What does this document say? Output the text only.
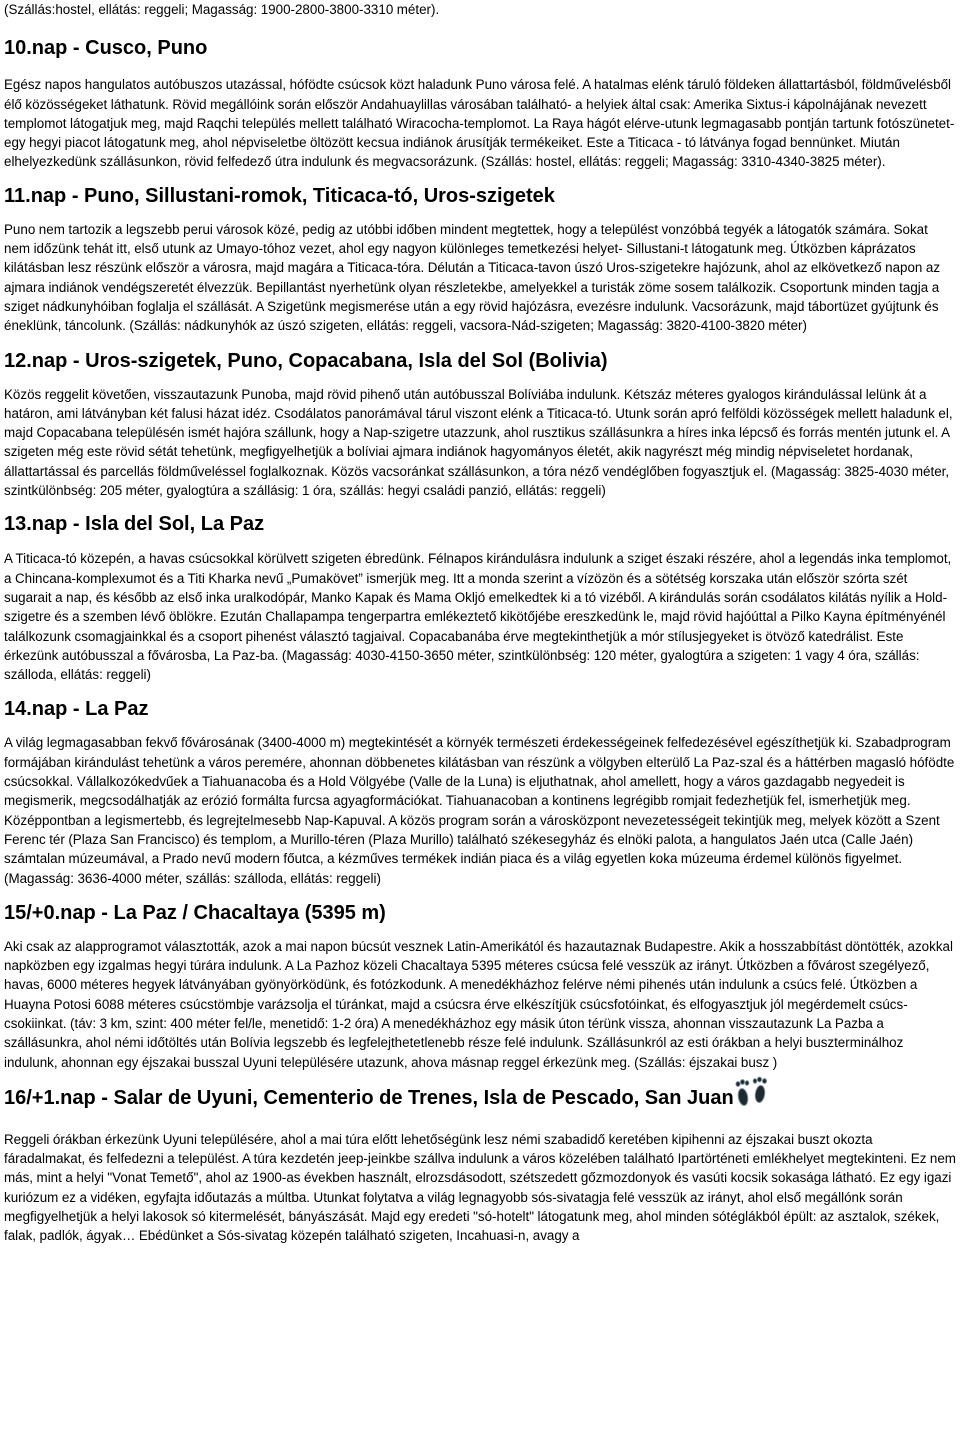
(Szállás:hostel, ellátás: reggeli; Magasság: 1900-2800-3800-3310 méter).

10.nap - Cusco, Puno

Egész napos hangulatos autóbuszos utazással, hófödte csúcsok közt haladunk Puno városa felé. A hatalmas elénk táruló földeken állattartásból, földművelésből élő közösségeket láthatunk. Rövid megállóink során először Andahuaylillas városában található- a helyiek által csak: Amerika Sixtus-i kápolnájának nevezett templomot látogatjuk meg, majd Raqchi település mellett található Wiracocha-templomot. La Raya hágót elérve-utunk legmagasabb pontján tartunk fotószünetet- egy hegyi piacot látogatunk meg, ahol népviseletbe öltözött kecsua indiánok árusítják termékeiket. Este a Titicaca - tó látványa fogad bennünket. Miután elhelyezkedünk szállásunkon, rövid felfedező útra indulunk és megvacsorázunk. (Szállás: hostel, ellátás: reggeli; Magasság: 3310-4340-3825 méter).

11.nap - Puno, Sillustani-romok, Titicaca-tó, Uros-szigetek

Puno nem tartozik a legszebb perui városok közé, pedig az utóbbi időben mindent megtettek, hogy a települést vonzóbbá tegyék a látogatók számára. Sokat nem időzünk tehát itt, első utunk az Umayo-tóhoz vezet, ahol egy nagyon különleges temetkezési helyet- Sillustani-t látogatunk meg. Útközben káprázatos kilátásban lesz részünk először a városra, majd magára a Titicaca-tóra. Délután a Titicaca-tavon úszó Uros-szigetekre hajózunk, ahol az elkövetkező napon az ajmara indiánok vendégszeretét élvezzük. Bepillantást nyerhetünk olyan részletekbe, amelyekkel a turisták zöme sosem találkozik. Csoportunk minden tagja a sziget nádkunyhóiban foglalja el szállását. A Szigetünk megismerése után a egy rövid hajózásra, evezésre indulunk. Vacsorázunk, majd tábortüzet gyújtunk és éneklünk, táncolunk. (Szállás: nádkunyhók az úszó szigeten, ellátás: reggeli, vacsora-Nád-szigeten; Magasság: 3820-4100-3820 méter)

12.nap - Uros-szigetek, Puno, Copacabana, Isla del Sol (Bolivia)

Közös reggelit követően, visszautazunk Punoba, majd rövid pihenő után autóbusszal Bolíviába indulunk. Kétszáz méteres gyalogos kirándulással lelünk át a határon, ami látványban két falusi házat idéz. Csodálatos panorámával tárul viszont elénk a Titicaca-tó. Utunk során apró felföldi közösségek mellett haladunk el, majd Copacabana településén ismét hajóra szállunk, hogy a Nap-szigetre utazzunk, ahol rusztikus szállásunkra a híres inka lépcső és forrás mentén jutunk el. A szigeten még este rövid sétát tehetünk, megfigyelhetjük a bolíviai ajmara indiánok hagyományos életét, akik nagyrészt még mindig népviseletet hordanak, állattartással és parcellás földműveléssel foglalkoznak. Közös vacsoránkat szállásunkon, a tóra néző vendéglőben fogyasztjuk el. (Magasság: 3825-4030 méter, szintkülönbség: 205 méter, gyalogtúra a szállásig: 1 óra, szállás: hegyi családi panzió, ellátás: reggeli)

13.nap - Isla del Sol, La Paz

A Titicaca-tó közepén, a havas csúcsokkal körülvett szigeten ébredünk. Félnapos kirándulásra indulunk a sziget északi részére, ahol a legendás inka templomot, a Chincana-komplexumot és a Titi Kharka nevű „Pumakövet” ismerjük meg. Itt a monda szerint a vízözön és a sötétség korszaka után először szórta szét sugarait a nap, és később az első inka uralkodópár, Manko Kapak és Mama Okljó emelkedtek ki a tó vizéből. A kirándulás során csodálatos kilátás nyílik a Hold-szigetre és a szemben lévő öblökre. Ezután Challapampa tengerpartra emlékeztető kikötőjébe ereszkedünk le, majd rövid hajóúttal a Pilko Kayna építményénél találkozunk csomagjainkkal és a csoport pihenést választó tagjaival. Copacabanába érve megtekinthetjük a mór stílusjegyeket is ötvöző katedrálist. Este érkezünk autóbusszal a fővárosba, La Paz-ba. (Magasság: 4030-4150-3650 méter, szintkülönbség: 120 méter, gyalogtúra a szigeten: 1 vagy 4 óra, szállás: szálloda, ellátás: reggeli)

14.nap - La Paz

A világ legmagasabban fekvő fővárosának (3400-4000 m) megtekintését a környék természeti érdekességeinek felfedezésével egészíthetjük ki. Szabadprogram formájában kirándulást tehetünk a város peremére, ahonnan döbbenetes kilátásban van részünk a völgyben elterülő La Paz-szal és a háttérben magasló hófödte csúcsokkal. Vállalkozókedvűek a Tiahuanacoba és a Hold Völgyébe (Valle de la Luna) is eljuthatnak, ahol amellett, hogy a város gazdagabb negyedeit is megismerik, megcsodálhatják az erózió formálta furcsa agyagformációkat. Tiahuanacoban a kontinens legrégibb romjait fedezhetjük fel, ismerhetjük meg. Középpontban a legismertebb, és legrejtelmesebb Nap-Kapuval. A közös program során a városközpont nevezetességeit tekintjük meg, melyek között a Szent Ferenc tér (Plaza San Francisco) és templom, a Murillo-téren (Plaza Murillo) található székesegyház és elnöki palota, a hangulatos Jaén utca (Calle Jaén) számtalan múzeumával, a Prado nevű modern főutca, a kézműves termékek indián piaca és a világ egyetlen koka múzeuma érdemel különös figyelmet. (Magasság: 3636-4000 méter, szállás: szálloda, ellátás: reggeli)

15/+0.nap - La Paz / Chacaltaya (5395 m)

Aki csak az alapprogramot választották, azok a mai napon búcsút vesznek Latin-Amerikától és hazautaznak Budapestre. Akik a hosszabbítást döntötték, azokkal napközben egy izgalmas hegyi túrára indulunk. A La Pazhoz közeli Chacaltaya 5395 méteres csúcsa felé vesszük az irányt. Útközben a fővárost szegélyező, havas, 6000 méteres hegyek látványában gyönyörködünk, és fotózkodunk. A menedékházhoz felérve némi pihenés után indulunk a csúcs felé. Útközben a Huayna Potosi 6088 méteres csúcstömbje varázsolja el túránkat, majd a csúcsra érve elkészítjük csúcsfotóinkat, és elfogyasztjuk jól megérdemelt csúcs-csokiinkat. (táv: 3 km, szint: 400 méter fel/le, menetidő: 1-2 óra) A menedékházhoz egy másik úton térünk vissza, ahonnan visszautazunk La Pazba a szállásunkra, ahol némi időtöltés után Bolívia legszebb és legfelejthetetlenebb része felé indulunk. Szállásunkról az esti órákban a helyi buszterminálhoz indulunk, ahonnan egy éjszakai busszal Uyuni településére utazunk, ahova másnap reggel érkezünk meg. (Szállás: éjszakai busz )

16/+1.nap - Salar de Uyuni, Cementerio de Trenes, Isla de Pescado, San Juan

Reggeli órákban érkezünk Uyuni településére, ahol a mai túra előtt lehetőségünk lesz némi szabadidő keretében kipihenni az éjszakai buszt okozta fáradalmakat, és felfedezni a települést. A túra kezdetén jeep-jeinkbe szállva indulunk a város közelében található Ipartörténeti emlékhelyet megtekinteni. Ez nem más, mint a helyi "Vonat Temető", ahol az 1900-as években használt, elrozsdásodott, szétszedett gőzmozdonyok és vasúti kocsik sokasága látható. Ez egy igazi kuriózum ez a vidéken, egyfajta időutazás a múltba. Utunkat folytatva a világ legnagyobb sós-sivatagja felé vesszük az irányt, ahol első megállónk során megfigyelhetjük a helyi lakosok só kitermelését, bányászását. Majd egy eredeti "só-hotelt" látogatunk meg, ahol minden sótéglákból épült: az asztalok, székek, falak, padlók, ágyak… Ebédünket a Sós-sivatag közepén található szigeten, Incahuasi-n, avagy a
